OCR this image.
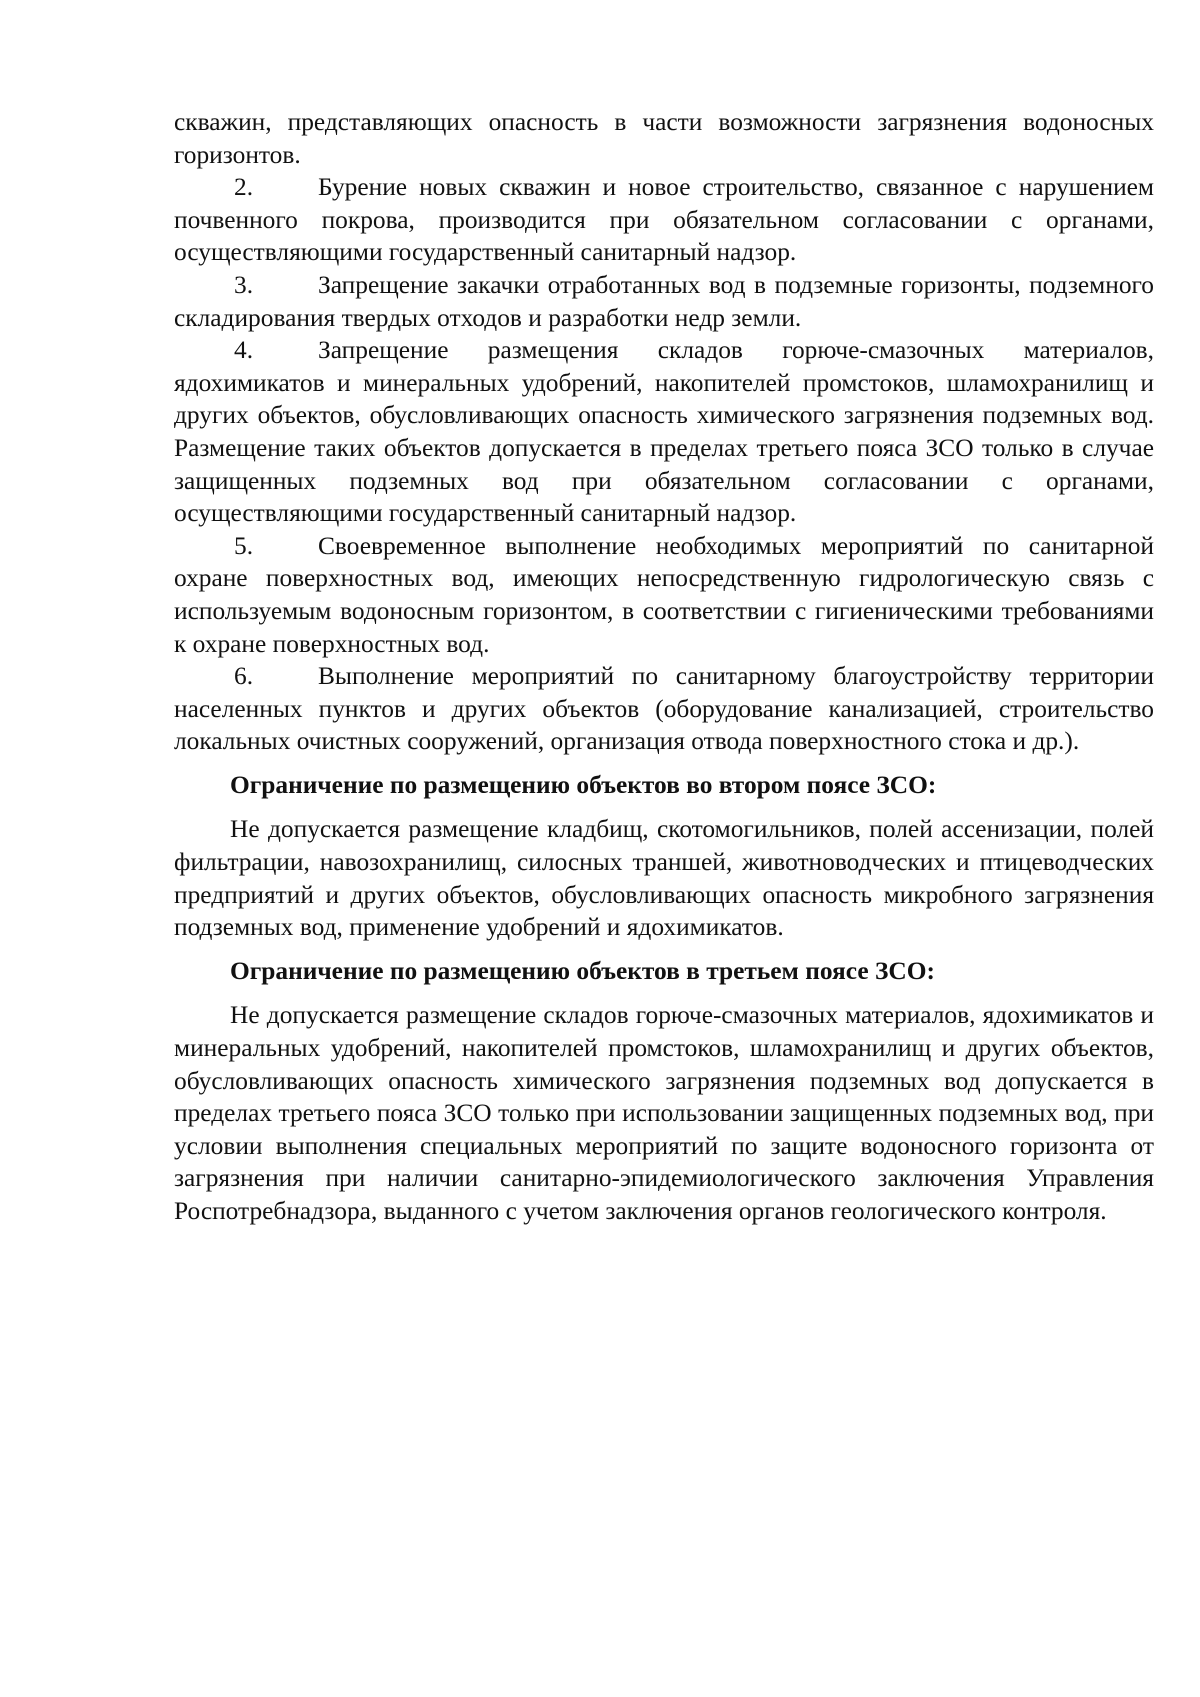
скважин, представляющих опасность в части возможности загрязнения водоносных горизонтов.

2.	Бурение новых скважин и новое строительство, связанное с нарушением почвенного покрова, производится при обязательном согласовании с органами, осуществляющими государственный санитарный надзор.

3.	Запрещение закачки отработанных вод в подземные горизонты, подземного складирования твердых отходов и разработки недр земли.

4.	Запрещение размещения складов горюче-смазочных материалов, ядохимикатов и минеральных удобрений, накопителей промстоков, шламохранилищ и других объектов, обусловливающих опасность химического загрязнения подземных вод. Размещение таких объектов допускается в пределах третьего пояса ЗСО только в случае защищенных подземных вод при обязательном согласовании с органами, осуществляющими государственный санитарный надзор.

5.	Своевременное выполнение необходимых мероприятий по санитарной охране поверхностных вод, имеющих непосредственную гидрологическую связь с используемым водоносным горизонтом, в соответствии с гигиеническими требованиями к охране поверхностных вод.

6.	Выполнение мероприятий по санитарному благоустройству территории населенных пунктов и других объектов (оборудование канализацией, строительство локальных очистных сооружений, организация отвода поверхностного стока и др.).

Ограничение по размещению объектов во втором поясе ЗСО:

Не допускается размещение кладбищ, скотомогильников, полей ассенизации, полей фильтрации, навозохранилищ, силосных траншей, животноводческих и птицеводческих предприятий и других объектов, обусловливающих опасность микробного загрязнения подземных вод, применение удобрений и ядохимикатов.

Ограничение по размещению объектов в третьем поясе ЗСО:

Не допускается размещение складов горюче-смазочных материалов, ядохимикатов и минеральных удобрений, накопителей промстоков, шламохранилищ и других объектов, обусловливающих опасность химического загрязнения подземных вод допускается в пределах третьего пояса ЗСО только при использовании защищенных подземных вод, при условии выполнения специальных мероприятий по защите водоносного горизонта от загрязнения при наличии санитарно-эпидемиологического заключения Управления Роспотребнадзора, выданного с учетом заключения органов геологического контроля.
